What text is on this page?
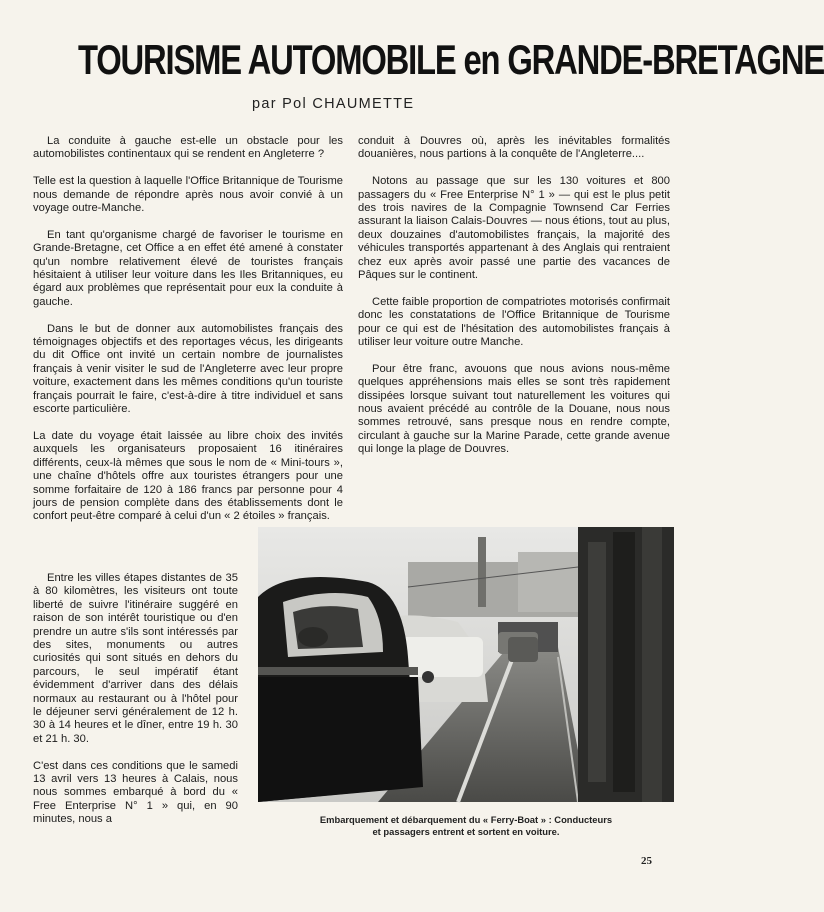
TOURISME AUTOMOBILE en GRANDE-BRETAGNE

par Pol CHAUMETTE

La conduite à gauche est-elle un obstacle pour les automobilistes continentaux qui se rendent en Angleterre ?

Telle est la question à laquelle l'Office Britannique de Tourisme nous demande de répondre après nous avoir convié à un voyage outre-Manche.

En tant qu'organisme chargé de favoriser le tourisme en Grande-Bretagne, cet Office a en effet été amené à constater qu'un nombre relativement élevé de touristes français hésitaient à utiliser leur voiture dans les Iles Britanniques, eu égard aux problèmes que représentait pour eux la conduite à gauche.

Dans le but de donner aux automobilistes français des témoignages objectifs et des reportages vécus, les dirigeants du dit Office ont invité un certain nombre de journalistes français à venir visiter le sud de l'Angleterre avec leur propre voiture, exactement dans les mêmes conditions qu'un touriste français pourrait le faire, c'est-à-dire à titre individuel et sans escorte particulière.

La date du voyage était laissée au libre choix des invités auxquels les organisateurs proposaient 16 itinéraires différents, ceux-là mêmes que sous le nom de « Mini-tours », une chaîne d'hôtels offre aux touristes étrangers pour une somme forfaitaire de 120 à 186 francs par personne pour 4 jours de pension complète dans des établissements dont le confort peut-être comparé à celui d'un « 2 étoiles » français.

Entre les villes étapes distantes de 35 à 80 kilomètres, les visiteurs ont toute liberté de suivre l'itinéraire suggéré en raison de son intérêt touristique ou d'en prendre un autre s'ils sont intéressés par des sites, monuments ou autres curiosités qui sont situés en dehors du parcours, le seul impératif étant évidemment d'arriver dans des délais normaux au restaurant ou à l'hôtel pour le déjeuner servi généralement de 12 h. 30 à 14 heures et le dîner, entre 19 h. 30 et 21 h. 30.

C'est dans ces conditions que le samedi 13 avril vers 13 heures à Calais, nous nous sommes embarqué à bord du « Free Enterprise N° 1 » qui, en 90 minutes, nous a

conduit à Douvres où, après les inévitables formalités douanières, nous partions à la conquête de l'Angleterre....

Notons au passage que sur les 130 voitures et 800 passagers du « Free Enterprise N° 1 » — qui est le plus petit des trois navires de la Compagnie Townsend Car Ferries assurant la liaison Calais-Douvres — nous étions, tout au plus, deux douzaines d'automobilistes français, la majorité des véhicules transportés appartenant à des Anglais qui rentraient chez eux après avoir passé une partie des vacances de Pâques sur le continent.

Cette faible proportion de compatriotes motorisés confirmait donc les constatations de l'Office Britannique de Tourisme pour ce qui est de l'hésitation des automobilistes français à utiliser leur voiture outre Manche.

Pour être franc, avouons que nous avions nous-même quelques appréhensions mais elles se sont très rapidement dissipées lorsque suivant tout naturellement les voitures qui nous avaient précédé au contrôle de la Douane, nous nous sommes retrouvé, sans presque nous en rendre compte, circulant à gauche sur la Marine Parade, cette grande avenue qui longe la plage de Douvres.

Embarquement et débarquement du « Ferry-Boat » : Conducteurs

et passagers entrent et sortent en voiture.

25
